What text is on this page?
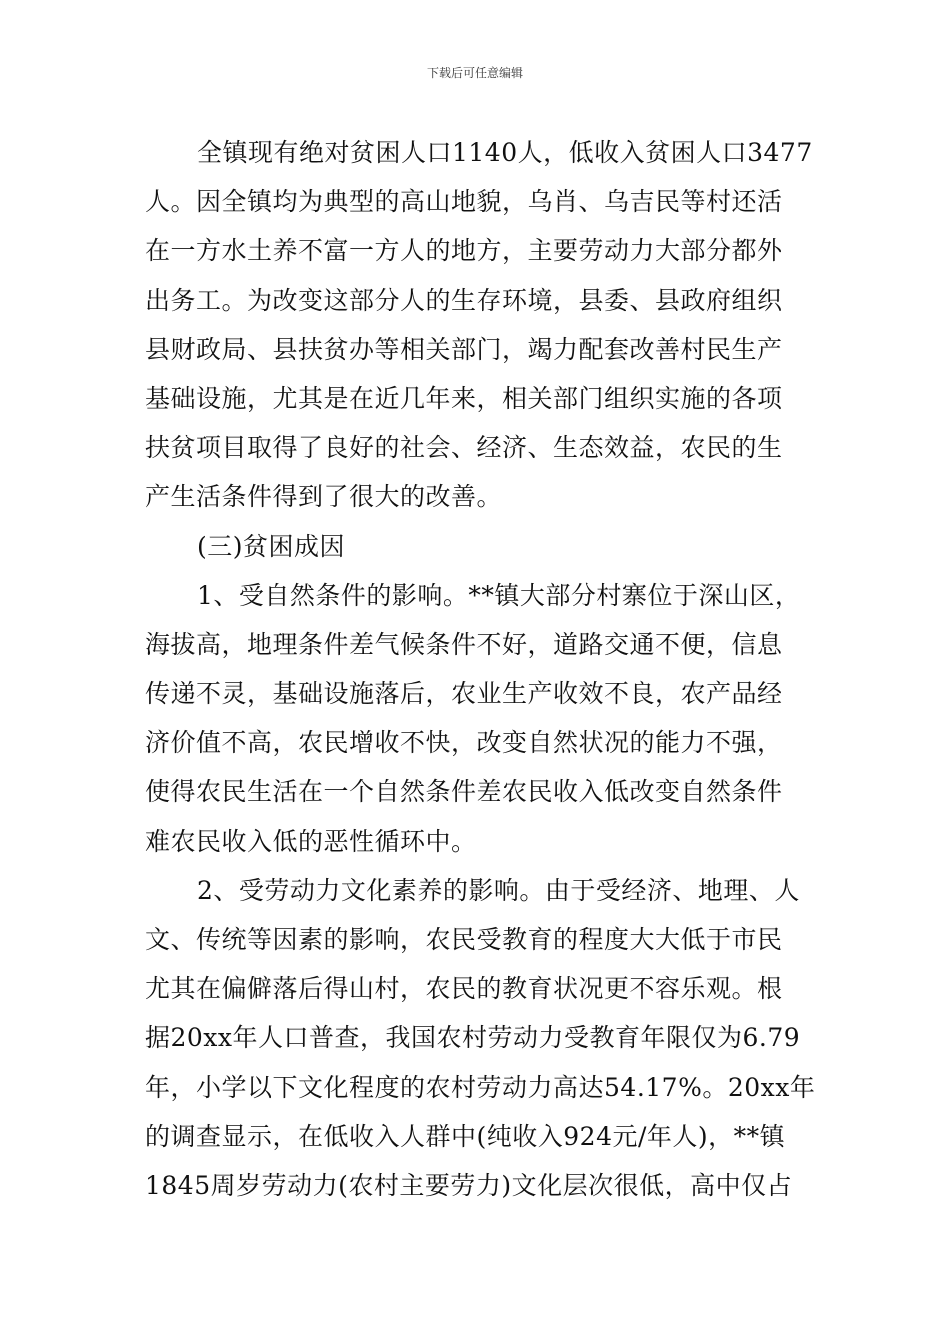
下载后可任意编辑
全镇现有绝对贫困人口1140人，低收入贫困人口3477
人。因全镇均为典型的高山地貌，乌肖、乌吉民等村还活
在一方水土养不富一方人的地方，主要劳动力大部分都外
出务工。为改变这部分人的生存环境，县委、县政府组织
县财政局、县扶贫办等相关部门，竭力配套改善村民生产
基础设施，尤其是在近几年来，相关部门组织实施的各项
扶贫项目取得了良好的社会、经济、生态效益，农民的生
产生活条件得到了很大的改善。
(三)贫困成因
1、受自然条件的影响。**镇大部分村寨位于深山区，
海拔高，地理条件差气候条件不好，道路交通不便，信息
传递不灵，基础设施落后，农业生产收效不良，农产品经
济价值不高，农民增收不快，改变自然状况的能力不强，
使得农民生活在一个自然条件差农民收入低改变自然条件
难农民收入低的恶性循环中。
2、受劳动力文化素养的影响。由于受经济、地理、人
文、传统等因素的影响，农民受教育的程度大大低于市民
尤其在偏僻落后得山村，农民的教育状况更不容乐观。根
据20xx年人口普查，我国农村劳动力受教育年限仅为6.79
年，小学以下文化程度的农村劳动力高达54.17%。20xx年
的调查显示，在低收入人群中(纯收入924元/年人)，**镇
1845周岁劳动力(农村主要劳力)文化层次很低，高中仅占
